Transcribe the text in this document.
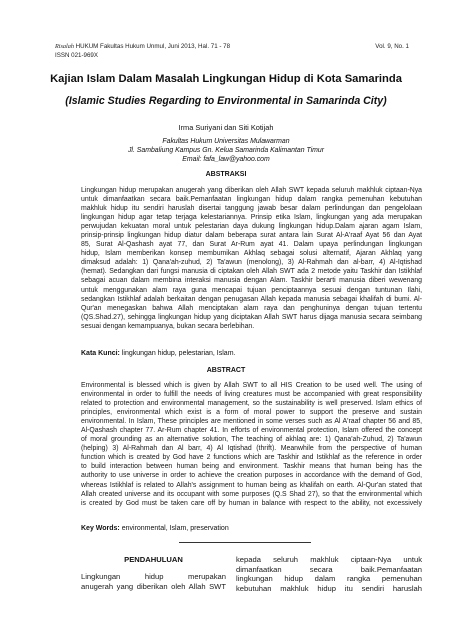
Risalah HUKUM Fakultas Hukum Unmul, Juni 2013, Hal. 71 - 78	Vol. 9, No. 1
ISSN 021-969X
Kajian Islam Dalam Masalah Lingkungan Hidup di Kota Samarinda
(Islamic Studies Regarding to Environmental in Samarinda City)
Irma Suriyani dan Siti Kotijah
Fakultas Hukum Universitas Mulawarman
Jl. Sambaliung Kampus Gn. Kelua Samarinda Kalimantan Timur
Email: fafa_law@yahoo.com
ABSTRAKSI
Lingkungan hidup merupakan anugerah yang diberikan oleh Allah SWT kepada seluruh makhluk ciptaan-Nya
untuk dimanfaatkan secara baik.Pemanfaatan lingkungan hidup dalam rangka pemenuhan kebutuhan
makhluk hidup itu sendiri haruslah disertai tanggung jawab besar dalam perlindungan dan pengelolaan
lingkungan hidup agar tetap terjaga kelestariannya. Prinsip etika Islam, lingkungan yang ada merupakan
perwujudan kekuatan moral untuk pelestarian daya dukung lingkungan hidup.Dalam ajaran agam Islam,
prinsip-prinsip lingkungan hidup diatur dalam beberapa surat antara lain Surat Al-A'raaf Ayat 56 dan Ayat
85, Surat Al-Qashash ayat 77, dan Surat Ar-Rum ayat 41. Dalam upaya perlindungan lingkungan
hidup, Islam memberikan konsep membumikan Akhlaq sebagai solusi alternatif, Ajaran Akhlaq yang
dimaksud adalah: 1) Qana'ah-zuhud, 2) Ta'awun (menolong), 3) Al-Rahmah dan al-barr, 4) Al-Iqtishad
(hemat). Sedangkan dari fungsi manusia di ciptakan oleh Allah SWT ada 2 metode yaitu Taskhir dan Istikhlaf
sebagai acuan dalam membina interaksi manusia dengan Alam. Taskhir berarti manusia diberi wewenang
untuk menggunakan alam raya guna mencapai tujuan penciptaannya sesuai dengan tuntunan Ilahi,
sedangkan Istikhlaf adalah berkaitan dengan penugasan Allah kepada manusia sebagai khalifah di bumi. Al-
Qur'an menegaskan bahwa Allah menciptakan alam raya dan penghuninya dengan tujuan tertentu
(QS.Shad.27), sehingga lingkungan hidup yang diciptakan Allah SWT harus dijaga manusia secara seimbang
sesuai dengan kemampuanya, bukan secara berlebihan.
Kata Kunci: lingkungan hidup, pelestarian, Islam.
ABSTRACT
Environmental is blessed which is given by Allah SWT to all HIS Creation to be used well. The using of
environmental in order to fulfill the needs of living creatures must be accompanied with great responsibility
related to protection and environmental management, so the sustainability is well preserved. Islam ethics of
principles, environmental which exist is a form of moral power to support the preserve and sustain
environmental. In Islam, These principles are mentioned in some verses such as Al A'raaf chapter 56 and 85,
Al-Qashash chapter 77. Ar-Rum chapter 41. In efforts of environmental protection, Islam offered the concept
of moral grounding as an alternative solution, The teaching of akhlaq are: 1) Qana'ah-Zuhud, 2) Ta'awun
(helping) 3) Al-Rahmah dan Al barr, 4) Al Iqtishad (thrift). Meanwhile from the perspective of human
function which is created by God have 2 functions which are Taskhir and Istikhlaf as the reference in order
to build interaction between human being and environment. Taskhir means that human being has the
authority to use universe in order to achieve the creation purposes in accordance with the demand of God,
whereas Istikhlaf is related to Allah's assignment to human being as khalifah on earth. Al-Qur'an stated that
Allah created universe and its occupant with some purposes (Q.S Shad 27), so that the environmental which
is created by God must be taken care off by human in balance with respect to the ability, not excessively
Key Words: environmental, Islam, preservation
PENDAHULUAN
Lingkungan hidup merupakan
anugerah yang diberikan oleh Allah SWT
kepada seluruh makhluk ciptaan-Nya untuk
dimanfaatkan secara baik.Pemanfaatan
lingkungan hidup dalam rangka pemenuhan
kebutuhan makhluk hidup itu sendiri haruslah
